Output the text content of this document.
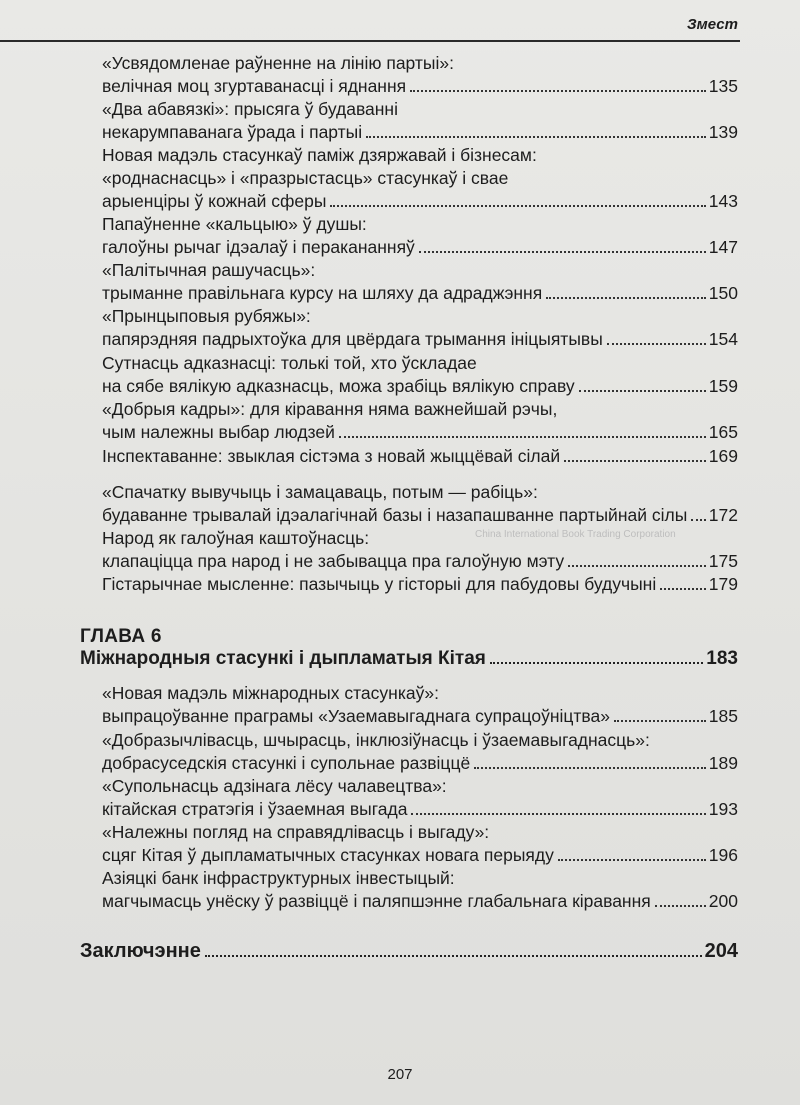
Змест
«Усвядомленае раўненне на лінію партыі»:
велічная моц згуртаванасці і яднання	135
«Два абавязкі»: прысяга ў будаванні
некарумпаванага ўрада і партыі	139
Новая мадэль стасункаў паміж дзяржавай і бізнесам:
«роднаснасць» і «празрыстасць» стасункаў і свае
арыенціры ў кожнай сферы	143
Папаўненне «кальцыю» ў душы:
галоўны рычаг ідэалаў і перакананняў	147
«Палітычная рашучасць»:
трыманне правільнага курсу на шляху да адраджэння	150
«Прынцыповыя рубяжы»:
папярэдняя падрыхтоўка для цвёрдага трымання ініцыятывы	154
Сутнасць адказнасці: толькі той, хто ўскладае
на сябе вялікую адказнасць, можа зрабіць вялікую справу	159
«Добрыя кадры»: для кіравання няма важнейшай рэчы,
чым належны выбар людзей	165
Інспектаванне: звыклая сістэма з новай жыццёвай сілай	169
«Спачатку вывучыць і замацаваць, потым — рабіць»:
будаванне трывалай ідэалагічнай базы і назапашванне партыйнай сілы 172
Народ як галоўная каштоўнасць:
клапаціцца пра народ і не забывацца пра галоўную мэту	175
Гістарычнае мысленне: пазычыць у гісторыі для пабудовы будучыні	179
ГЛАВА 6
Міжнародныя стасункі і дыпламатыя Кітая	183
«Новая мадэль міжнародных стасункаў»:
выпрацоўванне праграмы «Узаемавыгаднага супрацоўніцтва»	185
«Добразычлівасць, шчырасць, інклюзіўнасць і ўзаемавыгаднасць»:
добрасуседскія стасункі і супольнае развіццё	189
«Супольнасць адзінага лёсу чалавецтва»:
кітайская стратэгія і ўзаемная выгада	193
«Належны погляд на справядлівасць і выгаду»:
сцяг Кітая ў дыпламатычных стасунках новага перыяду	196
Азіяцкі банк інфраструктурных інвестыцый:
магчымасць унёску ў развіццё і паляпшэнне глабальнага кіравання	200
Заключэнне	204
China International Book Trading Corporation
207
